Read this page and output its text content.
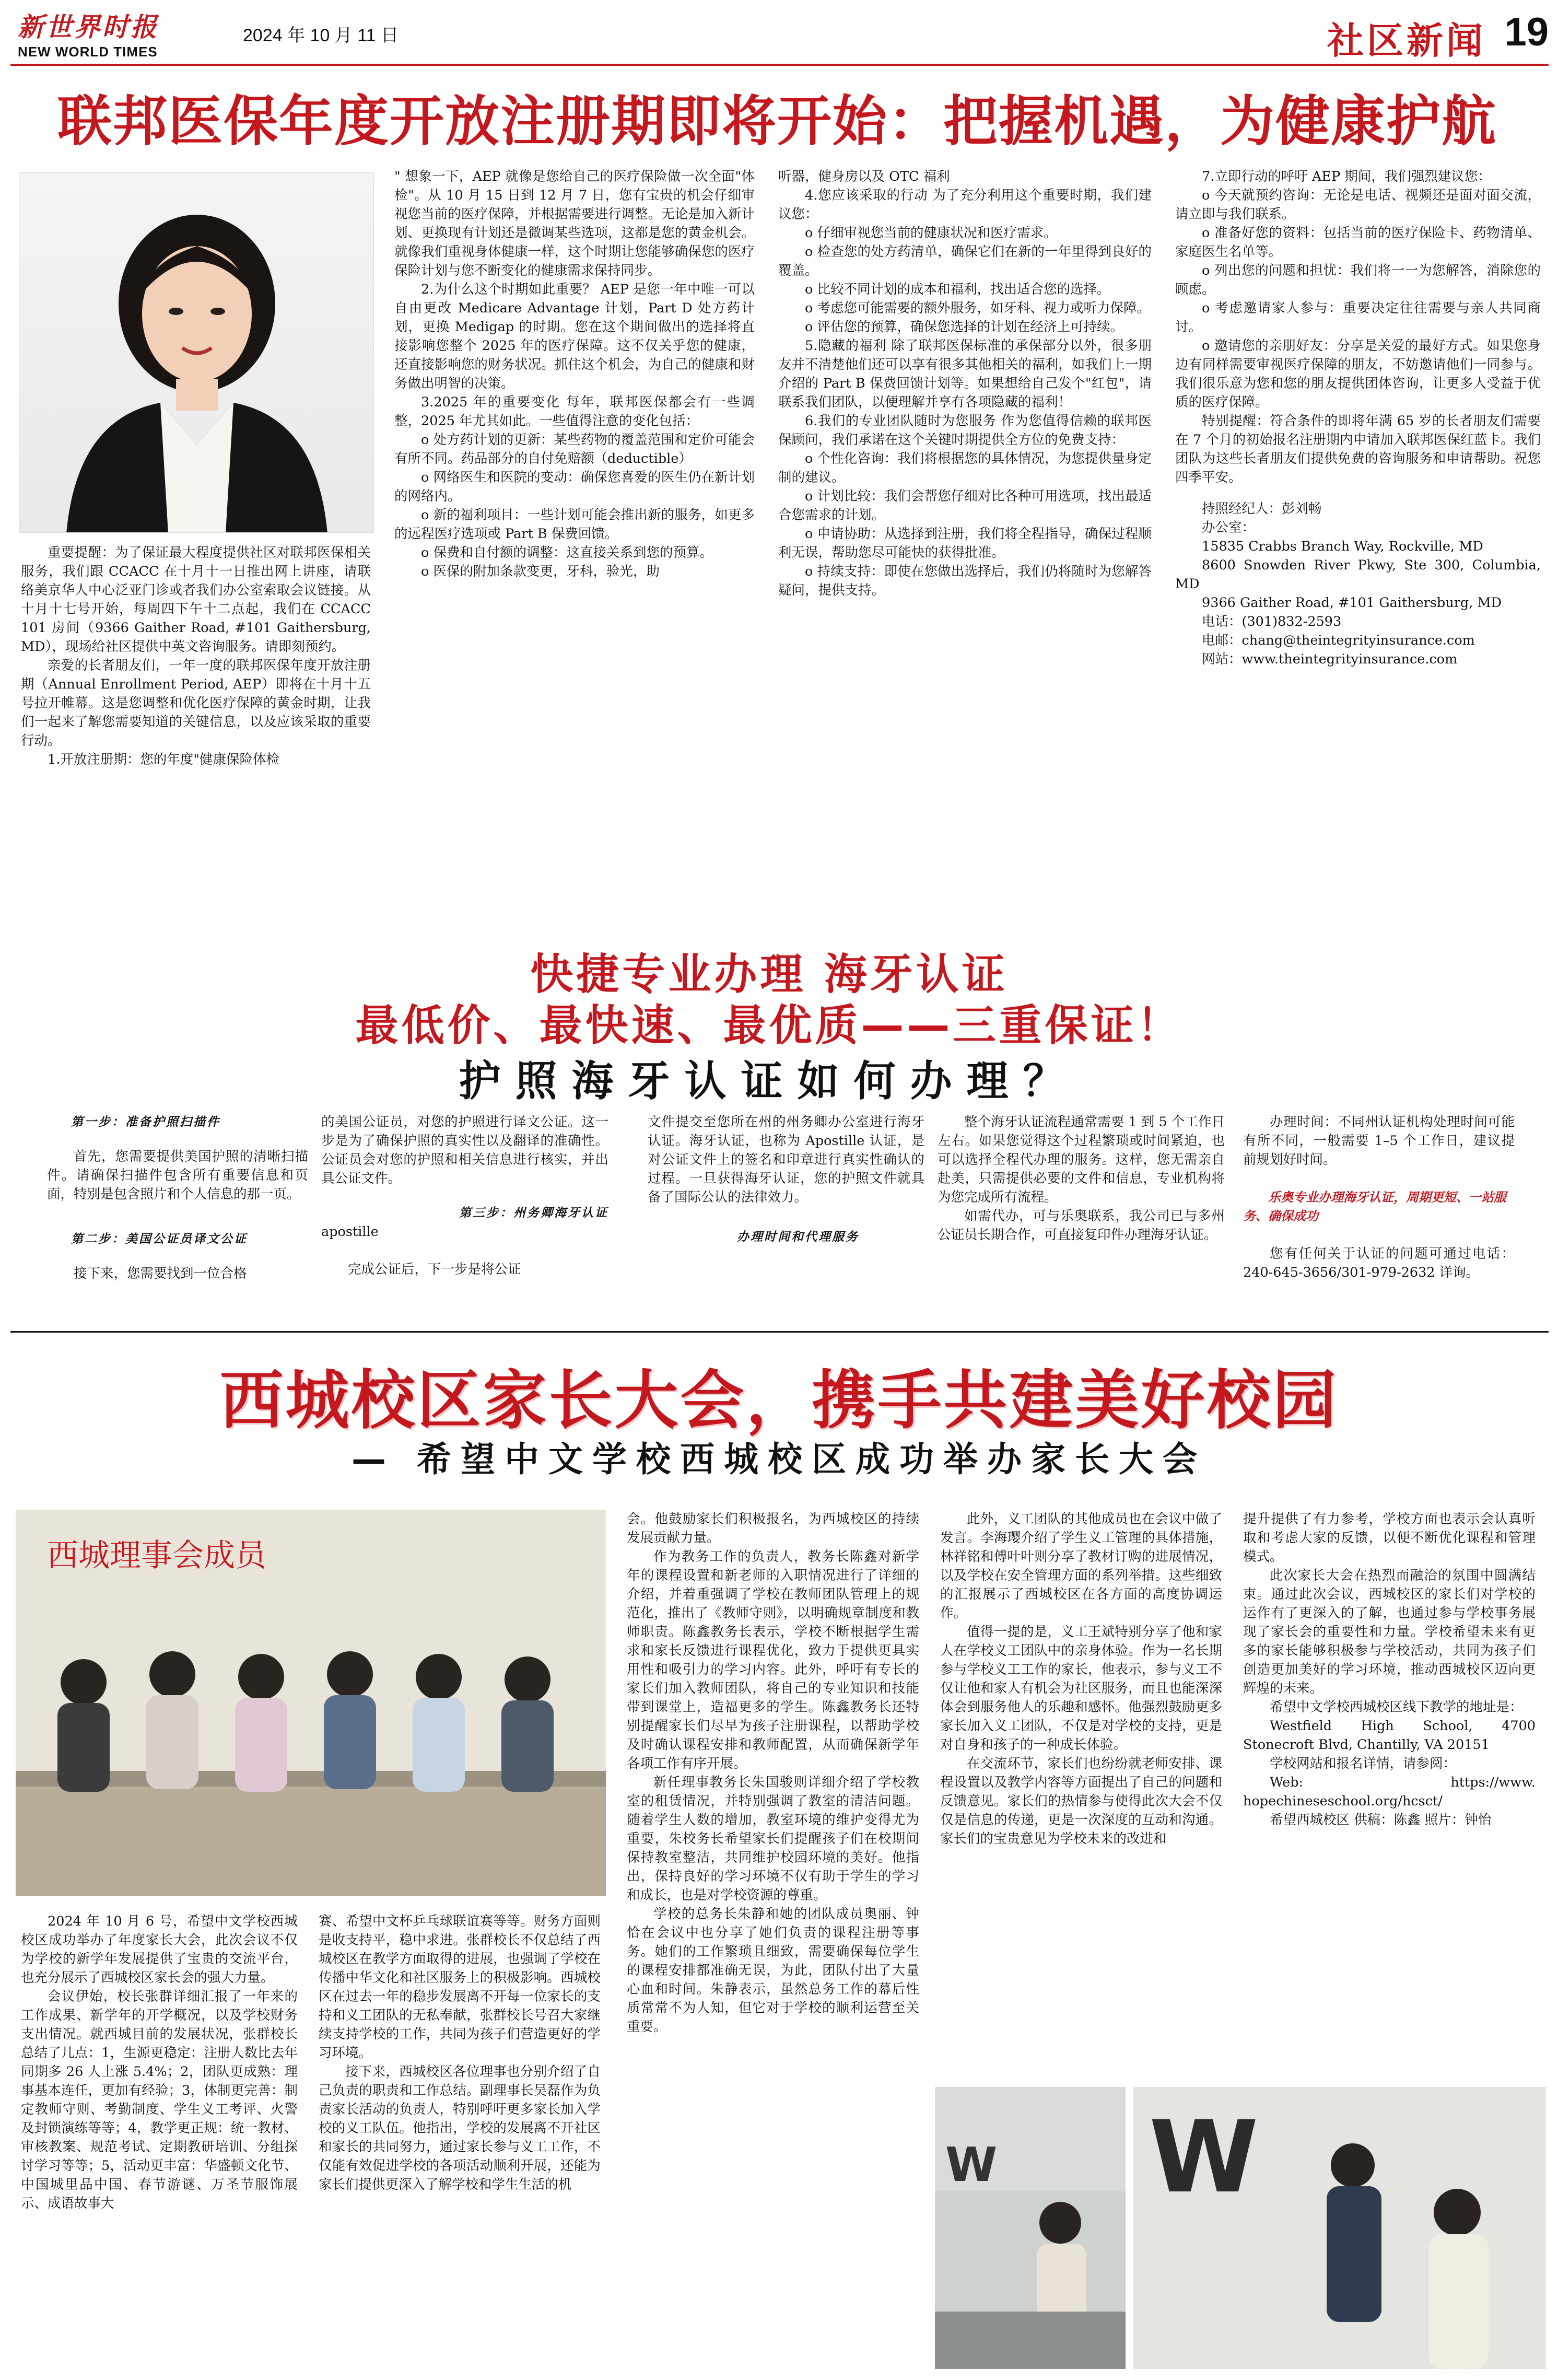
新世界时报
NEW WORLD TIMES
2024 年 10 月 11 日	社区新闻 19
联邦医保年度开放注册期即将开始：把握机遇，为健康护航

重要提醒：为了保证最大程度提供社区对联邦医保相关服务，我们跟 CCACC 在十月十一日推出网上讲座，请联络美京华人中心泛亚门诊或者我们办公室索取会议链接。从十月十七号开始，每周四下午十二点起，我们在 CCACC 101 房间（9366 Gaither Road, #101 Gaithersburg, MD），现场给社区提供中英文咨询服务。请即刻预约。

亲爱的长者朋友们，一年一度的联邦医保年度开放注册期（Annual Enrollment Period, AEP）即将在十月十五号拉开帷幕。这是您调整和优化医疗保障的黄金时期，让我们一起来了解您需要知道的关键信息，以及应该采取的重要行动。

1.开放注册期：您的年度"健康保险体检

" 想象一下，AEP 就像是您给自己的医疗保险做一次全面"体检"。从 10 月 15 日到 12 月 7 日，您有宝贵的机会仔细审视您当前的医疗保障，并根据需要进行调整。无论是加入新计划、更换现有计划还是微调某些选项，这都是您的黄金机会。就像我们重视身体健康一样，这个时期让您能够确保您的医疗保险计划与您不断变化的健康需求保持同步。

2.为什么这个时期如此重要？ AEP 是您一年中唯一可以自由更改 Medicare Advantage 计划，Part D 处方药计划，更换 Medigap 的时期。您在这个期间做出的选择将直接影响您整个 2025 年的医疗保障。这不仅关乎您的健康，还直接影响您的财务状况。抓住这个机会，为自己的健康和财务做出明智的决策。

3.2025 年的重要变化 每年，联邦医保都会有一些调整，2025 年尤其如此。一些值得注意的变化包括：

o 处方药计划的更新：某些药物的覆盖范围和定价可能会有所不同。药品部分的自付免赔额（deductible）

o 网络医生和医院的变动：确保您喜爱的医生仍在新计划的网络内。

o 新的福利项目：一些计划可能会推出新的服务，如更多的远程医疗选项或 Part B 保费回馈。

o 保费和自付额的调整：这直接关系到您的预算。

o 医保的附加条款变更，牙科，验光，助

听器，健身房以及 OTC 福利

4.您应该采取的行动 为了充分利用这个重要时期，我们建议您：

o 仔细审视您当前的健康状况和医疗需求。

o 检查您的处方药清单，确保它们在新的一年里得到良好的覆盖。

o 比较不同计划的成本和福利，找出适合您的选择。

o 考虑您可能需要的额外服务，如牙科、视力或听力保障。

o 评估您的预算，确保您选择的计划在经济上可持续。

5.隐藏的福利 除了联邦医保标准的承保部分以外，很多朋友并不清楚他们还可以享有很多其他相关的福利，如我们上一期介绍的 Part B 保费回馈计划等。如果想给自己发个"红包"，请联系我们团队，以便理解并享有各项隐藏的福利！

6.我们的专业团队随时为您服务 作为您值得信赖的联邦医保顾问，我们承诺在这个关键时期提供全方位的免费支持：

o 个性化咨询：我们将根据您的具体情况，为您提供量身定制的建议。

o 计划比较：我们会帮您仔细对比各种可用选项，找出最适合您需求的计划。

o 申请协助：从选择到注册，我们将全程指导，确保过程顺利无误，帮助您尽可能快的获得批准。

o 持续支持：即使在您做出选择后，我们仍将随时为您解答疑问，提供支持。

7.立即行动的呼吁 AEP 期间，我们强烈建议您：

o 今天就预约咨询：无论是电话、视频还是面对面交流，请立即与我们联系。

o 准备好您的资料：包括当前的医疗保险卡、药物清单、家庭医生名单等。

o 列出您的问题和担忧：我们将一一为您解答，消除您的顾虑。

o 考虑邀请家人参与：重要决定往往需要与亲人共同商讨。

o 邀请您的亲朋好友：分享是关爱的最好方式。如果您身边有同样需要审视医疗保障的朋友，不妨邀请他们一同参与。我们很乐意为您和您的朋友提供团体咨询，让更多人受益于优质的医疗保障。

特别提醒：符合条件的即将年满 65 岁的长者朋友们需要在 7 个月的初始报名注册期内申请加入联邦医保红蓝卡。我们团队为这些长者朋友们提供免费的咨询服务和申请帮助。祝您四季平安。

持照经纪人：彭刘畅

办公室：

15835 Crabbs Branch Way, Rockville, MD

8600 Snowden River Pkwy, Ste 300, Columbia, MD

9366 Gaither Road, #101 Gaithersburg, MD

电话：(301)832-2593

电邮：chang@theintegrityinsurance.com

网站：www.theintegrityinsurance.com

快捷专业办理 海牙认证
最低价、最快速、最优质——三重保证！
护照海牙认证如何办理？

第一步：准备护照扫描件

首先，您需要提供美国护照的清晰扫描件。请确保扫描件包含所有重要信息和页面，特别是包含照片和个人信息的那一页。

第二步：美国公证员译文公证

接下来，您需要找到一位合格

的美国公证员，对您的护照进行译文公证。这一步是为了确保护照的真实性以及翻译的准确性。公证员会对您的护照和相关信息进行核实，并出具公证文件。

第三步：州务卿海牙认证

apostille

完成公证后，下一步是将公证

文件提交至您所在州的州务卿办公室进行海牙认证。海牙认证，也称为 Apostille 认证，是对公证文件上的签名和印章进行真实性确认的过程。一旦获得海牙认证，您的护照文件就具备了国际公认的法律效力。

办理时间和代理服务

整个海牙认证流程通常需要 1 到 5 个工作日左右。如果您觉得这个过程繁琐或时间紧迫，也可以选择全程代办理的服务。这样，您无需亲自赴美，只需提供必要的文件和信息，专业机构将为您完成所有流程。

如需代办，可与乐奥联系，我公司已与多州公证员长期合作，可直接复印件办理海牙认证。

办理时间：不同州认证机构处理时间可能有所不同，一般需要 1–5 个工作日，建议提前规划好时间。

乐奥专业办理海牙认证，周期更短、一站服务、确保成功

您有任何关于认证的问题可通过电话：240-645-3656/301-979-2632 详询。

西城校区家长大会，携手共建美好校园
— 希望中文学校西城校区成功举办家长大会
西城理事会成员

2024 年 10 月 6 号，希望中文学校西城校区成功举办了年度家长大会，此次会议不仅为学校的新学年发展提供了宝贵的交流平台，也充分展示了西城校区家长会的强大力量。

会议伊始，校长张群详细汇报了一年来的工作成果、新学年的开学概况，以及学校财务支出情况。就西城目前的发展状况，张群校长总结了几点：1，生源更稳定：注册人数比去年同期多 26 人上涨 5.4%；2，团队更成熟：理事基本连任，更加有经验；3，体制更完善：制定教师守则、考勤制度、学生义工考评、火警及封锁演练等等；4，教学更正规：统一教材、审核教案、规范考试、定期教研培训、分组探讨学习等等；5，活动更丰富：华盛顿文化节、中国城里品中国、春节游谜、万圣节服饰展示、成语故事大

赛、希望中文杯乒乓球联谊赛等等。财务方面则是收支持平，稳中求进。张群校长不仅总结了西城校区在教学方面取得的进展，也强调了学校在传播中华文化和社区服务上的积极影响。西城校区在过去一年的稳步发展离不开每一位家长的支持和义工团队的无私奉献，张群校长号召大家继续支持学校的工作，共同为孩子们营造更好的学习环境。

接下来，西城校区各位理事也分别介绍了自己负责的职责和工作总结。副理事长吴磊作为负责家长活动的负责人，特别呼吁更多家长加入学校的义工队伍。他指出，学校的发展离不开社区和家长的共同努力，通过家长参与义工工作，不仅能有效促进学校的各项活动顺利开展，还能为家长们提供更深入了解学校和学生生活的机

会。他鼓励家长们积极报名，为西城校区的持续发展贡献力量。

作为教务工作的负责人，教务长陈鑫对新学年的课程设置和新老师的入职情况进行了详细的介绍，并着重强调了学校在教师团队管理上的规范化，推出了《教师守则》，以明确规章制度和教师职责。陈鑫教务长表示，学校不断根据学生需求和家长反馈进行课程优化，致力于提供更具实用性和吸引力的学习内容。此外，呼吁有专长的家长们加入教师团队，将自己的专业知识和技能带到课堂上，造福更多的学生。陈鑫教务长还特别提醒家长们尽早为孩子注册课程，以帮助学校及时确认课程安排和教师配置，从而确保新学年各项工作有序开展。

新任理事教务长朱国骏则详细介绍了学校教室的租赁情况，并特别强调了教室的清洁问题。随着学生人数的增加，教室环境的维护变得尤为重要，朱校务长希望家长们提醒孩子们在校期间保持教室整洁，共同维护校园环境的美好。他指出，保持良好的学习环境不仅有助于学生的学习和成长，也是对学校资源的尊重。

学校的总务长朱静和她的团队成员奥丽、钟恰在会议中也分享了她们负责的课程注册等事务。她们的工作繁琐且细致，需要确保每位学生的课程安排都准确无误，为此，团队付出了大量心血和时间。朱静表示，虽然总务工作的幕后性质常常不为人知，但它对于学校的顺利运营至关重要。

此外，义工团队的其他成员也在会议中做了发言。李海璎介绍了学生义工管理的具体措施，林祥铭和傅叶叶则分享了教材订购的进展情况，以及学校在安全管理方面的系列举措。这些细致的汇报展示了西城校区在各方面的高度协调运作。

值得一提的是，义工王斌特别分享了他和家人在学校义工团队中的亲身体验。作为一名长期参与学校义工工作的家长，他表示，参与义工不仅让他和家人有机会为社区服务，而且也能深深体会到服务他人的乐趣和感怀。他强烈鼓励更多家长加入义工团队，不仅是对学校的支持，更是对自身和孩子的一种成长体验。

在交流环节，家长们也纷纷就老师安排、课程设置以及教学内容等方面提出了自己的问题和反馈意见。家长们的热情参与使得此次大会不仅仅是信息的传递，更是一次深度的互动和沟通。家长们的宝贵意见为学校未来的改进和

提升提供了有力参考，学校方面也表示会认真听取和考虑大家的反馈，以便不断优化课程和管理模式。

此次家长大会在热烈而融洽的氛围中圆满结束。通过此次会议，西城校区的家长们对学校的运作有了更深入的了解，也通过参与学校事务展现了家长会的重要性和力量。学校希望未来有更多的家长能够积极参与学校活动，共同为孩子们创造更加美好的学习环境，推动西城校区迈向更辉煌的未来。

希望中文学校西城校区线下教学的地址是：

Westfield High School, 4700 Stonecroft Blvd, Chantilly, VA 20151

学校网站和报名详情，请参阅：

Web: https://www. hopechineseschool.org/hcsct/

希望西城校区 供稿：陈鑫 照片：钟怡

W W
